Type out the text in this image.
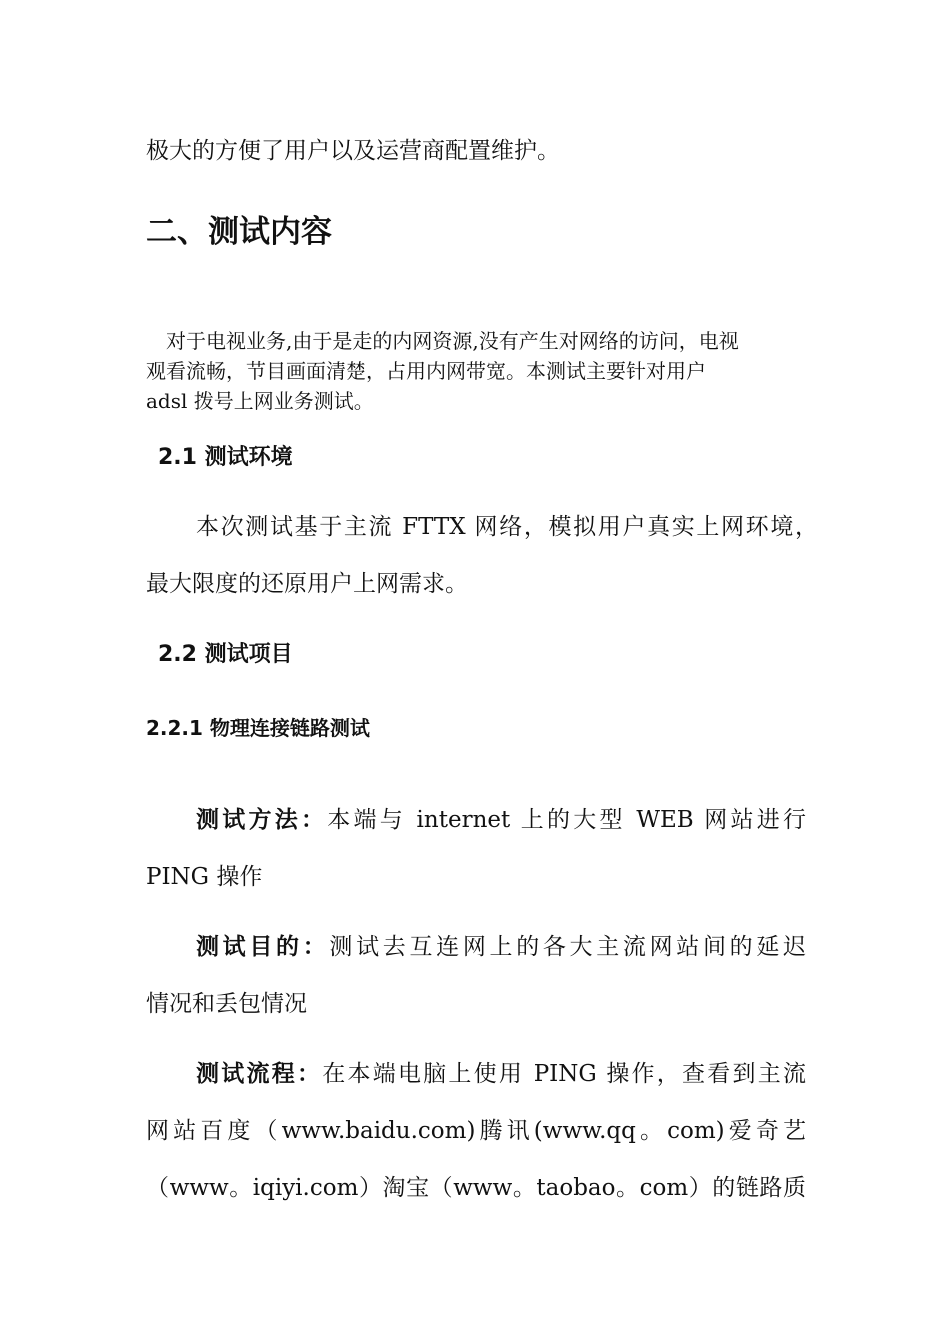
极大的方便了用户以及运营商配置维护。
二、测试内容
对于电视业务,由于是走的内网资源,没有产生对网络的访问，电视
观看流畅，节目画面清楚，占用内网带宽。本测试主要针对用户
adsl 拨号上网业务测试。
2.1 测试环境
本次测试基于主流 FTTX 网络，模拟用户真实上网环境，
最大限度的还原用户上网需求。
2.2 测试项目
2.2.1 物理连接链路测试
测试方法：本端与 internet 上的大型 WEB 网站进行
PING 操作
测试目的：测试去互连网上的各大主流网站间的延迟
情况和丢包情况
测试流程：在本端电脑上使用 PING 操作，查看到主流
网站百度（www.baidu.com)腾讯(www.qq。com)爱奇艺
（www。iqiyi.com）淘宝（www。taobao。com）的链路质
